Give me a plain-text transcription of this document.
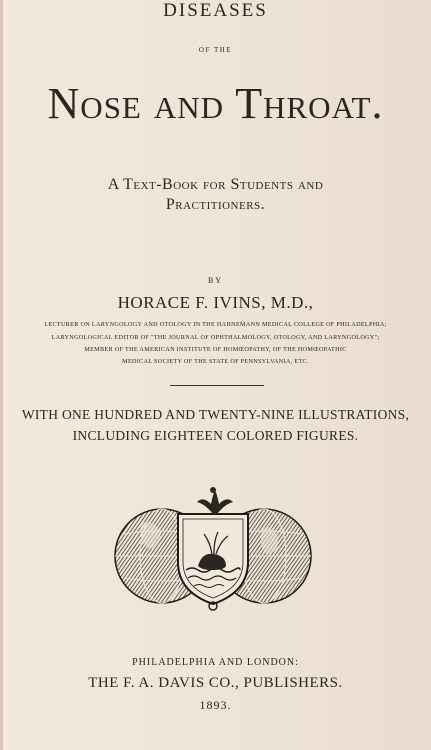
DISEASES
OF THE
Nose and Throat.
A Text-Book for Students and
Practitioners.
BY
HORACE F. IVINS, M.D.,
LECTURER ON LARYNGOLOGY AND OTOLOGY IN THE HAHNEMANN MEDICAL COLLEGE OF PHILADELPHIA;
LARYNGOLOGICAL EDITOR OF "THE JOURNAL OF OPHTHALMOLOGY, OTOLOGY, AND LARYNGOLOGY";
MEMBER OF THE AMERICAN INSTITUTE OF HOMŒOPATHY, OF THE HOMŒOPATHIC
MEDICAL SOCIETY OF THE STATE OF PENNSYLVANIA, ETC.
WITH ONE HUNDRED AND TWENTY-NINE ILLUSTRATIONS,
INCLUDING EIGHTEEN COLORED FIGURES.
PHILADELPHIA AND LONDON:
THE F. A. DAVIS CO., PUBLISHERS.
1893.
